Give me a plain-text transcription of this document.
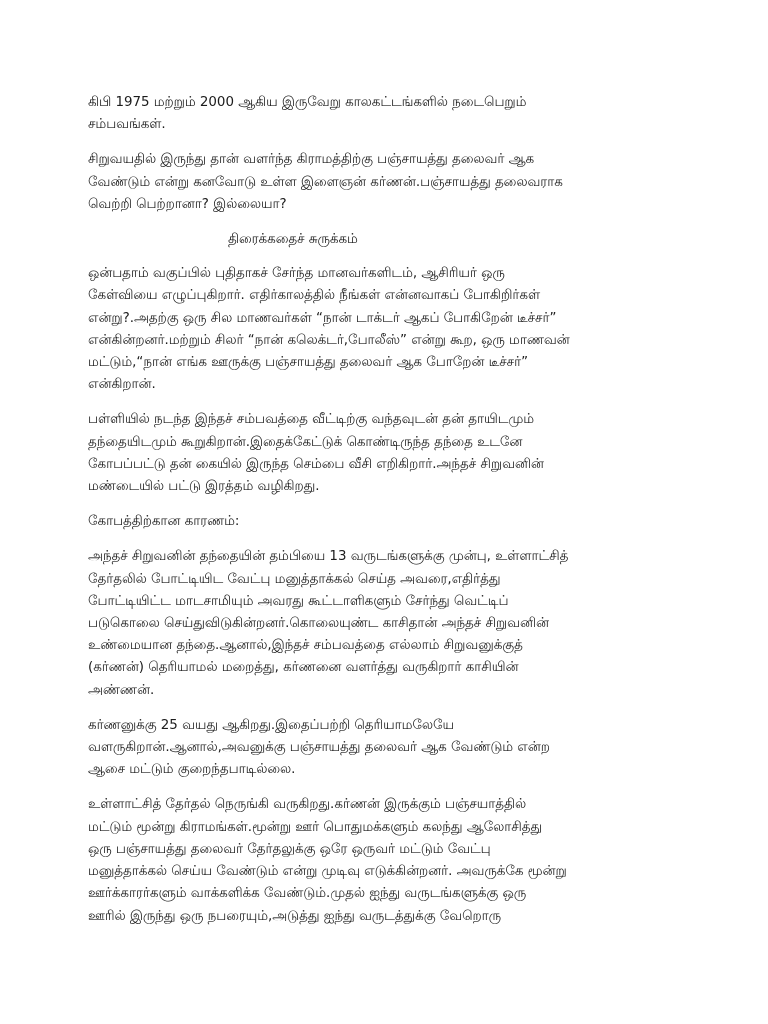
கிபி 1975 மற்றும் 2000 ஆகிய இருவேறு காலகட்டங்களில் நடைபெறும்
சம்பவங்கள்.

சிறுவயதில் இருந்து தான் வளர்ந்த கிராமத்திற்கு பஞ்சாயத்து தலைவர் ஆக
வேண்டும் என்று கனவோடு உள்ள இளைஞன் கர்ணன்.பஞ்சாயத்து தலைவராக
வெற்றி பெற்றானா? இல்லையா?

திரைக்கதைச் சுருக்கம்

ஒன்பதாம் வகுப்பில் புதிதாகச் சேர்ந்த மானவர்களிடம், ஆசிரியர் ஒரு
கேள்வியை எழுப்புகிறார். எதிர்காலத்தில் நீங்கள் என்னவாகப் போகிறிர்கள்
என்று?.அதற்கு ஒரு சில மாணவர்கள் “நான் டாக்டர் ஆகப் போகிறேன் டீச்சர்”
என்கின்றனர்.மற்றும் சிலர் “நான் கலெக்டர்,போலீஸ்” என்று கூற, ஒரு மாணவன்
மட்டும்,“நான் எங்க ஊருக்கு பஞ்சாயத்து தலைவர் ஆக போறேன் டீச்சர்”
என்கிறான்.

பள்ளியில் நடந்த இந்தச் சம்பவத்தை வீட்டிற்கு வந்தவுடன் தன் தாயிடமும்
தந்தையிடமும் கூறுகிறான்.இதைக்கேட்டுக் கொண்டிருந்த தந்தை உடனே
கோபப்பட்டு தன் கையில் இருந்த செம்பை வீசி எறிகிறார்.அந்தச் சிறுவனின்
மண்டையில் பட்டு இரத்தம் வழிகிறது.

கோபத்திற்கான காரணம்:

அந்தச் சிறுவனின் தந்தையின் தம்பியை 13 வருடங்களுக்கு முன்பு, உள்ளாட்சித்
தேர்தலில் போட்டியிட வேட்பு மனுத்தாக்கல் செய்த அவரை,எதிர்த்து
போட்டியிட்ட மாடசாமியும் அவரது கூட்டாளிகளும் சேர்ந்து வெட்டிப்
படுகொலை செய்துவிடுகின்றனர்.கொலையுண்ட காசிதான் அந்தச் சிறுவனின்
உண்மையான தந்தை.ஆனால்,இந்தச் சம்பவத்தை எல்லாம் சிறுவனுக்குத்
(கர்ணன்) தெரியாமல் மறைத்து, கர்ணனை வளர்த்து வருகிறார் காசியின்
அண்ணன்.

கர்ணனுக்கு 25 வயது ஆகிறது.இதைப்பற்றி தெரியாமலேயே
வளருகிறான்.ஆனால்,அவனுக்கு பஞ்சாயத்து தலைவர் ஆக வேண்டும் என்ற
ஆசை மட்டும் குறைந்தபாடில்லை.

உள்ளாட்சித் தேர்தல் நெருங்கி வருகிறது.கர்ணன் இருக்கும் பஞ்சயாத்தில்
மட்டும் மூன்று கிராமங்கள்.மூன்று ஊர் பொதுமக்களும் கலந்து ஆலோசித்து
ஒரு பஞ்சாயத்து தலைவர் தேர்தலுக்கு ஒரே ஒருவர் மட்டும் வேட்பு
மனுத்தாக்கல் செய்ய வேண்டும் என்று முடிவு எடுக்கின்றனர். அவருக்கே மூன்று
ஊர்க்காரர்களும் வாக்களிக்க வேண்டும்.முதல் ஐந்து வருடங்களுக்கு ஒரு
ஊரில் இருந்து ஒரு நபரையும்,அடுத்து ஐந்து வருடத்துக்கு வேறொரு
